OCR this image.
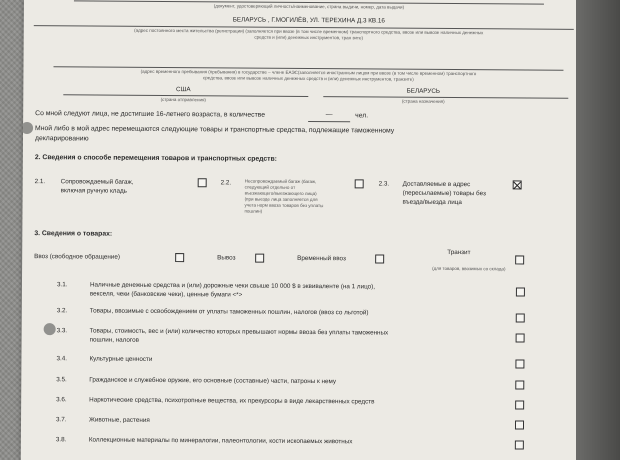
(документ, удостоверяющий личность/наименование, страна выдачи, номер, дата выдачи)
БЕЛАРУСЬ , Г.МОГИЛЁВ, УЛ. ТЕРЕХИНА Д.3 КВ.16
(адрес постоянного места жительства (регистрации) (заполняется при ввозе (в том числе временном) транспортного средства, ввозе или вывозе наличных денежных
средств и (или) денежных инструментов, тран зите)
(адрес временного пребывания (пребывания) в государстве – члене ЕАЭС(заполняется иностранным лицом при ввозе (в том числе временном) транспортного
средства, ввозе или вывозе наличных денежных средств и (или) денежных инструментов, транзите)
США	БЕЛАРУСЬ
(страна отправления)	(страна назначения)
Со мной следуют лица, не достигшие 16-летнего возраста, в количестве	—	чел.
Мной либо в мой адрес перемещаются следующие товары и транспортные средства, подлежащие таможенному
декларированию
2. Сведения о способе перемещения товаров и транспортных средств:
2.1. Сопровождаемый багаж,
включая ручную кладь
2.2.	Несопровождаемый багаж (багаж,
следующий отдельно от
въезжающего/выезжающего лица)
(при выезде лица заполняется для
учета норм ввоза товаров без уплаты
пошлин)
2.3. Доставляемые в адрес
(пересылаемые) товары без
въезда/выезда лица
3. Сведения о товарах:
Ввоз (свободное обращение)	Вывоз	Временный ввоз
Транзит
(для товаров, ввозимых со склада)
3.1.	Наличные денежные средства и (или) дорожные чеки свыше 10 000 $ в эквиваленте (на 1 лицо),
векселя, чеки (банковские чеки), ценные бумаги <*>
3.2.	Товары, ввозимые с освобождением от уплаты таможенных пошлин, налогов (ввоз со льготой)
3.3.	Товары, стоимость, вес и (или) количество которых превышают нормы ввоза без уплаты таможенных
пошлин, налогов
3.4.	Культурные ценности
3.5.	Гражданское и служебное оружие, его основные (составные) части, патроны к нему
3.6.	Наркотические средства, психотропные вещества, их прекурсоры в виде лекарственных средств
3.7.	Животные, растения
3.8.	Коллекционные материалы по минералогии, палеонтологии, кости ископаемых животных
